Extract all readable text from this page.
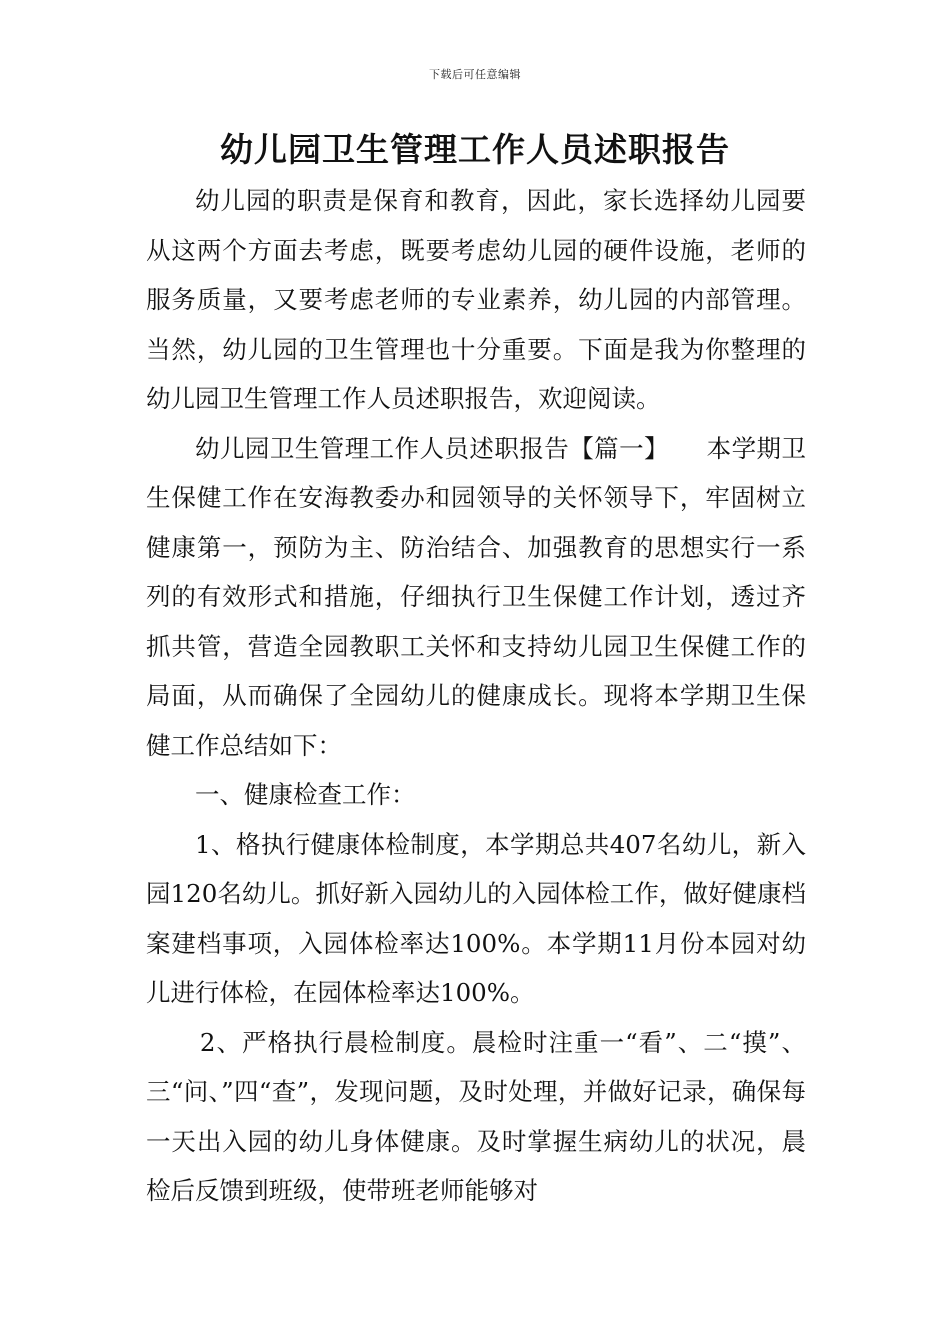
下载后可任意编辑
幼儿园卫生管理工作人员述职报告

幼儿园的职责是保育和教育，因此，家长选择幼儿园要从这两个方面去考虑，既要考虑幼儿园的硬件设施，老师的服务质量，又要考虑老师的专业素养，幼儿园的内部管理。当然，幼儿园的卫生管理也十分重要。下面是我为你整理的幼儿园卫生管理工作人员述职报告，欢迎阅读。

幼儿园卫生管理工作人员述职报告【篇一】　　本学期卫生保健工作在安海教委办和园领导的关怀领导下，牢固树立健康第一，预防为主、防治结合、加强教育的思想实行一系列的有效形式和措施，仔细执行卫生保健工作计划，透过齐抓共管，营造全园教职工关怀和支持幼儿园卫生保健工作的局面，从而确保了全园幼儿的健康成长。现将本学期卫生保健工作总结如下：

一、健康检查工作：

1、格执行健康体检制度，本学期总共407名幼儿，新入园120名幼儿。抓好新入园幼儿的入园体检工作，做好健康档案建档事项，入园体检率达100%。本学期11月份本园对幼儿进行体检，在园体检率达100%。

2、严格执行晨检制度。晨检时注重一“看”、二“摸”、三“问、”四“查”，发现问题，及时处理，并做好记录，确保每一天出入园的幼儿身体健康。及时掌握生病幼儿的状况，晨检后反馈到班级，使带班老师能够对
